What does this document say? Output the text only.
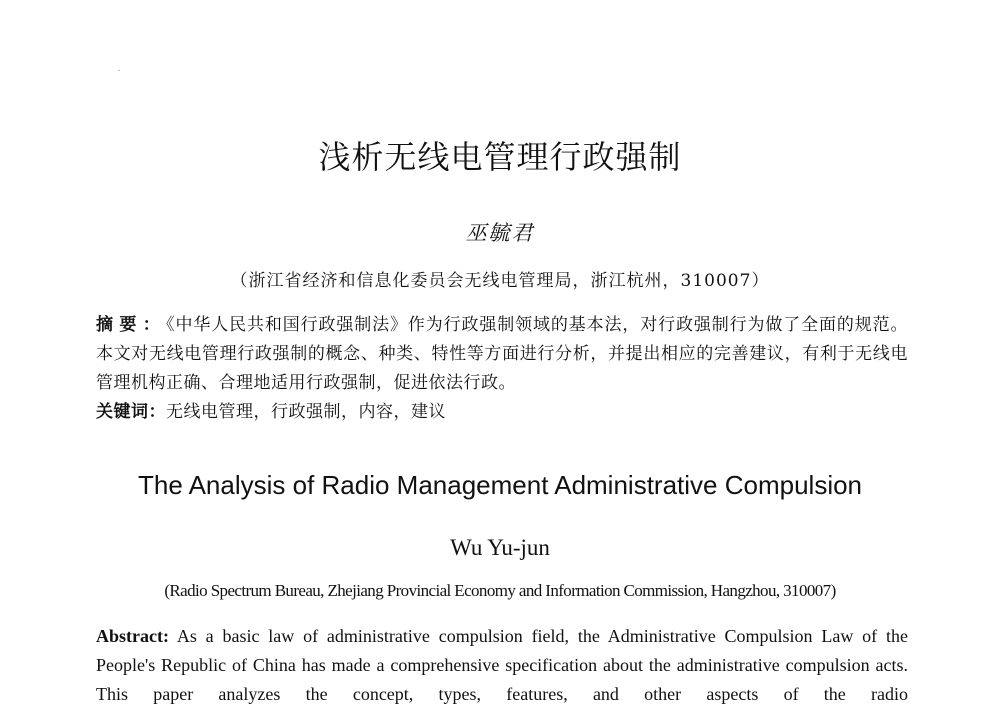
浅析无线电管理行政强制
巫毓君
（浙江省经济和信息化委员会无线电管理局，浙江杭州，310007）
摘要：《中华人民共和国行政强制法》作为行政强制领域的基本法，对行政强制行为做了全面的规范。本文对无线电管理行政强制的概念、种类、特性等方面进行分析，并提出相应的完善建议，有利于无线电管理机构正确、合理地适用行政强制，促进依法行政。
关键词：无线电管理，行政强制，内容，建议
The Analysis of Radio Management Administrative Compulsion
Wu Yu-jun
(Radio Spectrum Bureau, Zhejiang Provincial Economy and Information Commission, Hangzhou, 310007)
Abstract: As a basic law of administrative compulsion field, the Administrative Compulsion Law of the People's Republic of China has made a comprehensive specification about the administrative compulsion acts. This paper analyzes the concept, types, features, and other aspects of the radio
